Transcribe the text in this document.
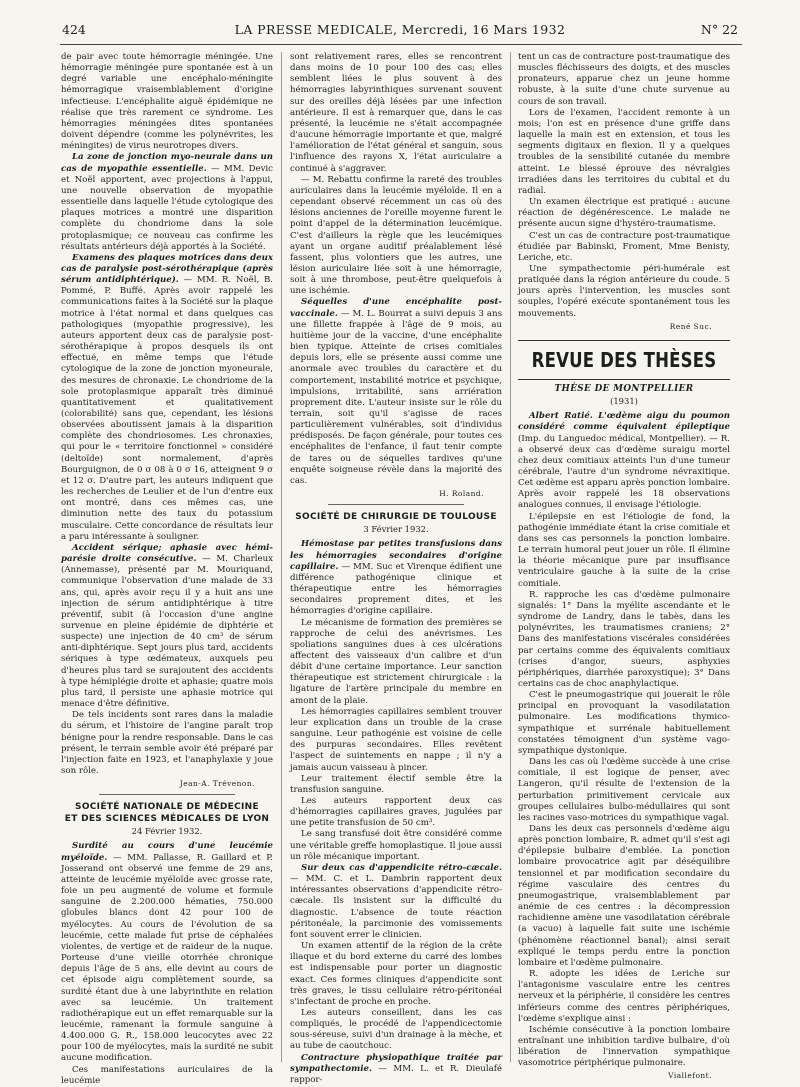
424	LA PRESSE MEDICALE, Mercredi, 16 Mars 1932	N° 22

de pair avec toute hémorragie méningée. Une hémorragie méningée pure spontanée est à un degré variable une encéphalo-méningite hémorragique vraisemblablement d'origine infectieuse. L'encéphalite aiguë épidémique ne réalise que très rarement ce syndrome. Les hémorragies méningées dites spontanées doivent dépendre (comme les polynévrites, les méningites) de virus neurotropes divers.

La zone de jonction myo-neurale dans un cas de myopathie essentielle. — MM. Devic et Noël apportent, avec projections à l'appui, une nouvelle observation de myopathie essentielle dans laquelle l'étude cytologique des plaques motrices a montré une disparition complète du chondriome dans la sole protoplasmique; ce nouveau cas confirme les résultats antérieurs déjà apportés à la Société.

Examens des plaques motrices dans deux cas de paralysie post-sérothérapique (après sérum antidiphtérique). — MM. R. Noël, B. Pommé, P. Buffé. Après avoir rappelé les communications faites à la Société sur la plaque motrice à l'état normal et dans quelques cas pathologiques (myopathie progressive), les auteurs apportent deux cas de paralysie post-sérothérapique à propos desquels ils ont effectué, en même temps que l'étude cytologique de la zone de jonction myoneurale, des mesures de chronaxie. Le chondriome de la sole protoplasmique apparaît très diminué quantitativement et qualitativement (colorabilité) sans que, cependant, les lésions observées aboutissent jamais à la disparition complète des chondriosomes. Les chronaxies, qui pour le « territoire fonctionnel » considéré (deltoïde) sont normalement, d'après Bourguignon, de 0 σ 08 à 0 σ 16, atteignent 9 σ et 12 σ. D'autre part, les auteurs indiquent que les recherches de Leulier et de l'un d'entre eux ont montré, dans ces mêmes cas, une diminution nette des taux du potassium musculaire. Cette concordance de résultats leur a paru intéressante à souligner.

Accident sérique; aphasie avec hémi-parésie droite consécutive. — M. Charleux (Annemasse), présenté par M. Mouriquand, communique l'observation d'une malade de 33 ans, qui, après avoir reçu il y a huit ans une injection de sérum antidiphtérique à titre préventif, subit (à l'occasion d'une angine survenue en pleine épidémie de diphtérie et suspecte) une injection de 40 cm³ de sérum anti-diphtérique. Sept jours plus tard, accidents sériques à type œdémateux, auxquels peu d'heures plus tard se surajoutent des accidents à type hémiplégie droite et aphasie; quatre mois plus tard, il persiste une aphasie motrice qui menace d'être définitive.

De tels incidents sont rares dans la maladie du sérum, et l'histoire de l'angine paraît trop bénigne pour la rendre responsable. Dans le cas présent, le terrain semble avoir été préparé par l'injection faite en 1923, et l'anaphylaxie y joue son rôle.

Jean-A. Trévenon.
SOCIÉTÉ NATIONALE DE MÉDECINE
ET DES SCIENCES MÉDICALES DE LYON
24 Février 1932.

Surdité au cours d'une leucémie myéloïde. — MM. Pallasse, R. Gaillard et P. Josserand ont observé une femme de 29 ans, atteinte de leucémie myéloïde avec grosse rate, foie un peu augmenté de volume et formule sanguine de 2.200.000 hématies, 750.000 globules blancs dont 42 pour 100 de myélocytes. Au cours de l'évolution de sa leucémie, cette malade fut prise de céphalées violentes, de vertige et de raideur de la nuque. Porteuse d'une vieille otorrhée chronique depuis l'âge de 5 ans, elle devint au cours de cet épisode aigu complètement sourde, sa surdité étant due à une labyrinthite en relation avec sa leucémie. Un traitement radiothérapique eut un effet remarquable sur la leucémie, ramenant la formule sanguine à 4.400.000 G. R., 158.000 leucocytes avec 22 pour 100 de myélocytes, mais la surdité ne subit aucune modification.

Ces manifestations auriculaires de la leucémie

sont relativement rares, elles se rencontrent dans moins de 10 pour 100 des cas; elles semblent liées le plus souvent à des hémorragies labyrinthiques survenant souvent sur des oreilles déjà lésées par une infection antérieure. Il est à remarquer que, dans le cas présenté, la leucémie ne s'était accompagnée d'aucune hémorragie importante et que, malgré l'amélioration de l'état général et sanguin, sous l'influence des rayons X, l'état auriculaire a continué à s'aggraver.

— M. Rebattu confirme la rareté des troubles auriculaires dans la leucémie myéloïde. Il en a cependant observé récemment un cas où des lésions anciennes de l'oreille moyenne furent le point d'appel de la détermination leucémique. C'est d'ailleurs la règle que les leucémiques ayant un organe auditif préalablement lésé fassent, plus volontiers que les autres, une lésion auriculaire liée soit à une hémorragie, soit à une thrombose, peut-être quelquefois à une ischémie.

Séquelles d'une encéphalite post-vaccinale. — M. L. Bourrat a suivi depuis 3 ans une fillette frappée à l'âge de 9 mois, au huitième jour de la vaccine, d'une encéphalite bien typique. Atteinte de crises comitiales depuis lors, elle se présente aussi comme une anormale avec troubles du caractère et du comportement, instabilité motrice et psychique, impulsions, irritabilité, sans arriération proprement dite. L'auteur insiste sur le rôle du terrain, soit qu'il s'agisse de races particulièrement vulnérables, soit d'individus prédisposés. De façon générale, pour toutes ces encéphalites de l'enfance, il faut tenir compte de tares ou de séquelles tardives qu'une enquête soigneuse révèle dans la majorité des cas.

H. Roland.
SOCIÉTÉ DE CHIRURGIE DE TOULOUSE
3 Février 1932.

Hémostase par petites transfusions dans les hémorragies secondaires d'origine capillaire. — MM. Suc et Virenque édifient une différence pathogénique clinique et thérapeutique entre les hémorragies secondaires proprement dites, et les hémorragies d'origine capillaire.

Le mécanisme de formation des premières se rapproche de celui des anévrismes. Les spoliations sanguines dues à ces ulcérations affectent des vaisseaux d'un calibre et d'un débit d'une certaine importance. Leur sanction thérapeutique est strictement chirurgicale : la ligature de l'artère principale du membre en amont de la plaie.

Les hémorragies capillaires semblent trouver leur explication dans un trouble de la crase sanguine. Leur pathogénie est voisine de celle des purpuras secondaires. Elles revêtent l'aspect de suintements en nappe ; il n'y a jamais aucun vaisseau à pincer.

Leur traitement électif semble être la transfusion sanguine.

Les auteurs rapportent deux cas d'hémorragies capillaires graves, jugulées par une petite transfusion de 50 cm³.

Le sang transfusé doit être considéré comme une véritable greffe homoplastique. Il joue aussi un rôle mécanique important.

Sur deux cas d'appendicite rétro-cæcale. — MM. C. et L. Dambrin rapportent deux intéressantes observations d'appendicite rétro-cæcale. Ils insistent sur la difficulté du diagnostic. L'absence de toute réaction péritonéale, la parcimonie des vomissements font souvent errer le clinicien.

Un examen attentif de la région de la crête iliaque et du bord externe du carré des lombes est indispensable pour porter un diagnostic exact. Ces formes cliniques d'appendicite sont très graves, le tissu cellulaire rétro-péritonéal s'infectant de proche en proche.

Les auteurs conseillent, dans les cas compliqués, le procédé de l'appendicectomie sous-séreuse, suivi d'un drainage à la mèche, et au tube de caoutchouc.

Contracture physiopathique traitée par sympathectomie. — MM. L. et R. Dieulafé rappor-

tent un cas de contracture post-traumatique des muscles fléchisseurs des doigts, et des muscles pronateurs, apparue chez un jeune homme robuste, à la suite d'une chute survenue au cours de son travail.

Lors de l'examen, l'accident remonte à un mois; l'on est en présence d'une griffe dans laquelle la main est en extension, et tous les segments digitaux en flexion. Il y a quelques troubles de la sensibilité cutanée du membre atteint. Le blessé éprouve des névralgies irradiées dans les territoires du cubital et du radial.

Un examen électrique est pratiqué : aucune réaction de dégénérescence. Le malade ne présente aucun signe d'hystéro-traumatisme.

C'est un cas de contracture post-traumatique étudiée par Babinski, Froment, Mme Benisty, Leriche, etc.

Une sympathectomie péri-humérale est pratiquée dans la région antérieure du coude. 5 jours après l'intervention, les muscles sont souples, l'opéré exécute spontanément tous les mouvements.

René Suc.
REVUE DES THÈSES
THÈSE DE MONTPELLIER
(1931)

Albert Ratié. L'œdème aigu du poumon considéré comme équivalent épileptique (Imp. du Languedoc médical, Montpellier). — R. a observé deux cas d'œdème suraigu mortel chez deux comitiaux atteints l'un d'une tumeur cérébrale, l'autre d'un syndrome névraxitique. Cet œdème est apparu après ponction lombaire. Après avoir rappelé les 18 observations analogues connues, il envisage l'étiologie.

L'épilepsie en est l'étiologie de fond, la pathogénie immédiate étant la crise comitiale et dans ses cas personnels la ponction lombaire. Le terrain humoral peut jouer un rôle. Il élimine la théorie mécanique pure par insuffisance ventriculaire gauche à la suite de la crise comitiale.

R. rapproche les cas d'œdème pulmonaire signalés: 1° Dans la myélite ascendante et le syndrome de Landry, dans le tabès, dans les polynévrites, les traumatismes craniens; 2° Dans des manifestations viscérales considérées par certains comme des équivalents comitiaux (crises d'angor, sueurs, asphyxies périphériques, diarrhée paroxystique); 3° Dans certains cas de choc anaphylactique.

C'est le pneumogastrique qui jouerait le rôle principal en provoquant la vasodilatation pulmonaire. Les modifications thymico-sympathique et surrénale habituellement constatées témoignent d'un système vago-sympathique dystonique.

Dans les cas où l'œdème succède à une crise comitiale, il est logique de penser, avec Langeron, qu'il résulte de l'extension de la perturbation primitivement cervicale aux groupes cellulaires bulbo-médullaires qui sont les racines vaso-motrices du sympathique vagal.

Dans les deux cas personnels d'œdème aigu après ponction lombaire, R. admet qu'il s'est agi d'épilepsie bulbaire d'emblée. La ponction lombaire provocatrice agit par déséquilibre tensionnel et par modification secondaire du régime vasculaire des centres du pneumogastrique, vraisemblablement par anémie de ces centres : la décompression rachidienne amène une vasodilatation cérébrale (a vacuo) à laquelle fait suite une ischémie (phénomène réactionnel banal); ainsi serait expliqué le temps perdu entre la ponction lombaire et l'œdème pulmonaire.

R. adopte les idées de Leriche sur l'antagonisme vasculaire entre les centres nerveux et la périphérie, il considère les centres inférieurs comme des centres périphériques, l'œdème s'explique ainsi :

Ischémie consécutive à la ponction lombaire entraînant une inhibition tardive bulbaire, d'où libération de l'innervation sympathique vasomotrice périphérique pulmonaire.

Viallefont.
